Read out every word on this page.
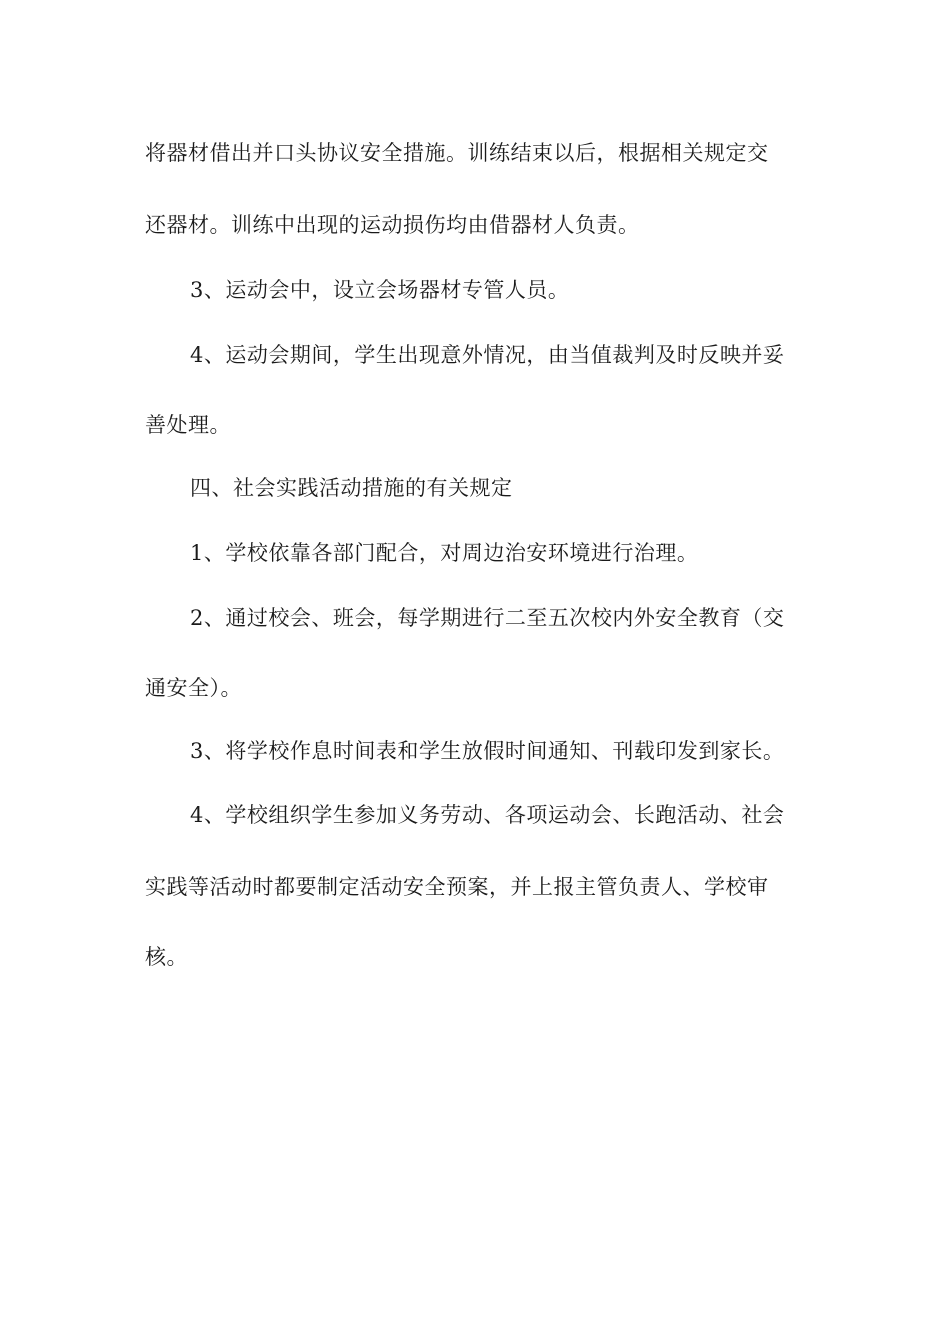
将器材借出并口头协议安全措施。训练结束以后，根据相关规定交
还器材。训练中出现的运动损伤均由借器材人负责。
3、运动会中，设立会场器材专管人员。
4、运动会期间，学生出现意外情况，由当值裁判及时反映并妥
善处理。
四、社会实践活动措施的有关规定
1、学校依靠各部门配合，对周边治安环境进行治理。
2、通过校会、班会，每学期进行二至五次校内外安全教育（交
通安全）。
3、将学校作息时间表和学生放假时间通知、刊载印发到家长。
4、学校组织学生参加义务劳动、各项运动会、长跑活动、社会
实践等活动时都要制定活动安全预案，并上报主管负责人、学校审
核。
